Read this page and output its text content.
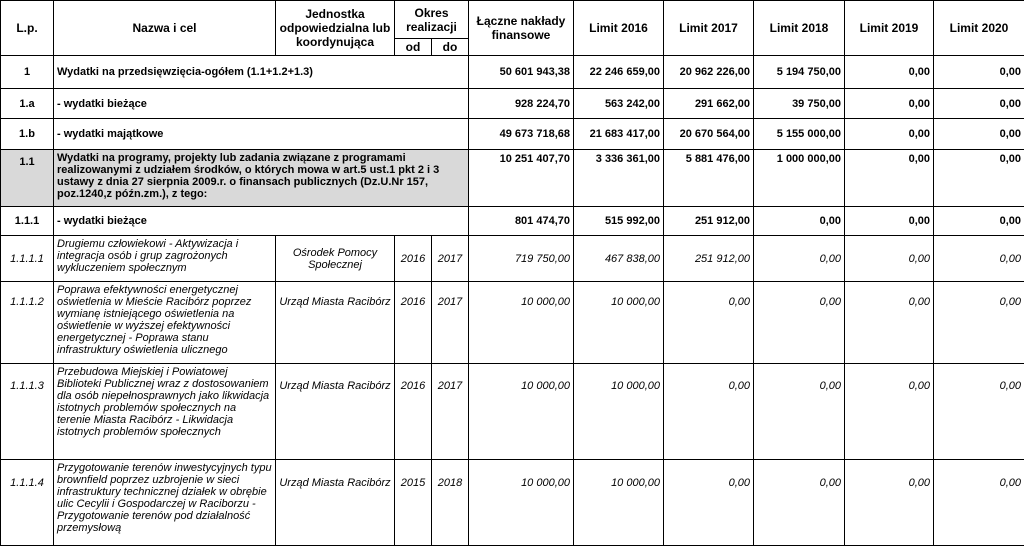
L.p.	Nazwa i cel	Jednostka odpowiedzialna lub koordynująca	Okres realizacji		Łączne nakłady finansowe	Limit 2016	Limit 2017	Limit 2018	Limit 2019	Limit 2020
			od	do						
1	Wydatki na przedsięwzięcia-ogółem (1.1+1.2+1.3)				50 601 943,38	22 246 659,00	20 962 226,00	5 194 750,00	0,00	0,00
1.a	- wydatki bieżące				928 224,70	563 242,00	291 662,00	39 750,00	0,00	0,00
1.b	- wydatki majątkowe				49 673 718,68	21 683 417,00	20 670 564,00	5 155 000,00	0,00	0,00
1.1	Wydatki na programy, projekty lub zadania związane z programami realizowanymi z udziałem środków, o których mowa w art.5 ust.1 pkt 2 i 3 ustawy z dnia 27 sierpnia 2009.r. o finansach publicznych (Dz.U.Nr 157, poz.1240,z późn.zm.), z tego:				10 251 407,70	3 336 361,00	5 881 476,00	1 000 000,00	0,00	0,00
1.1.1	- wydatki bieżące				801 474,70	515 992,00	251 912,00	0,00	0,00	0,00
1.1.1.1	Drugiemu człowiekowi - Aktywizacja i integracja osób i grup zagrożonych wykluczeniem społecznym	Ośrodek Pomocy Społecznej	2016	2017	719 750,00	467 838,00	251 912,00	0,00	0,00	0,00
1.1.1.2	Poprawa efektywności energetycznej oświetlenia w Mieście Racibórz poprzez wymianę istniejącego oświetlenia na oświetlenie w wyższej efektywności energetycznej - Poprawa stanu infrastruktury oświetlenia ulicznego	Urząd Miasta Racibórz	2016	2017	10 000,00	10 000,00	0,00	0,00	0,00	0,00
1.1.1.3	Przebudowa Miejskiej i Powiatowej Biblioteki Publicznej wraz z dostosowaniem dla osób niepełnosprawnych jako likwidacja istotnych problemów społecznych na terenie Miasta Racibórz - Likwidacja istotnych problemów społecznych	Urząd Miasta Racibórz	2016	2017	10 000,00	10 000,00	0,00	0,00	0,00	0,00
1.1.1.4	Przygotowanie terenów inwestycyjnych typu brownfield poprzez uzbrojenie w sieci infrastruktury technicznej działek w obrębie ulic Cecylii i Gospodarczej w Raciborzu - Przygotowanie terenów pod działalność przemysłową	Urząd Miasta Racibórz	2015	2018	10 000,00	10 000,00	0,00	0,00	0,00	0,00
